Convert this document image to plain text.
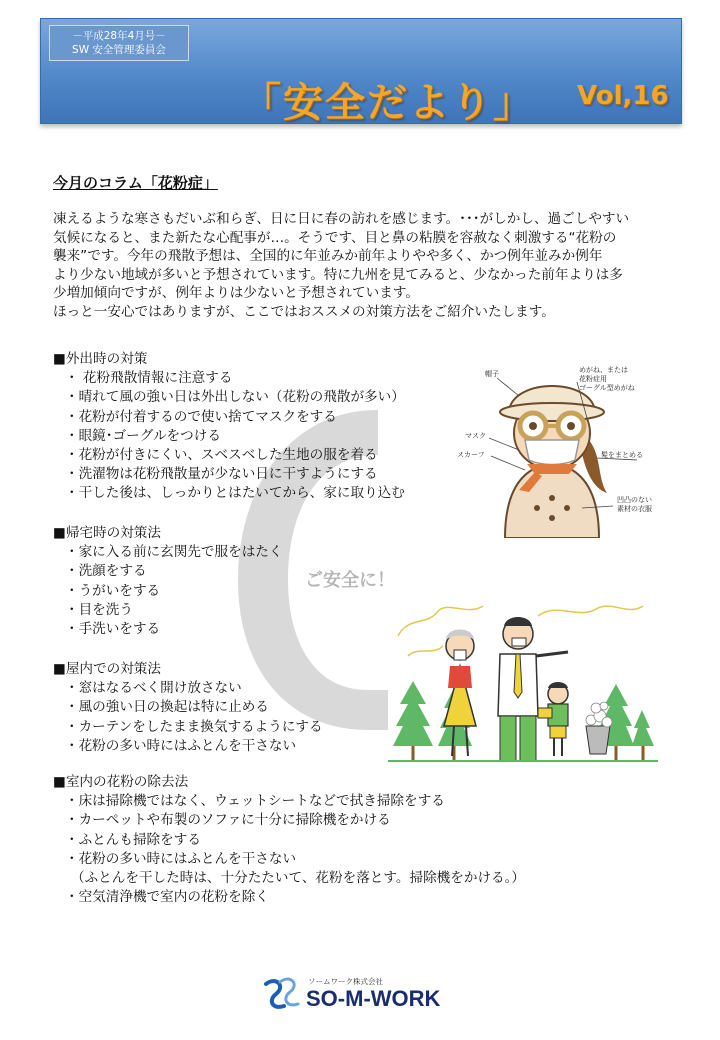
－平成28年4月号－
SW 安全管理委員会
「安全だより」 Vol,16
今月のコラム「花粉症」

凍えるような寒さもだいぶ和らぎ、日に日に春の訪れを感じます。･･･がしかし、過ごしやすい

気候になると、また新たな心配事が…。そうです、目と鼻の粘膜を容赦なく刺激する“花粉の

襲来”です。今年の飛散予想は、全国的に年並みか前年よりやや多く、かつ例年並みか例年

より少ない地域が多いと予想されています。特に九州を見てみると、少なかった前年よりは多

少増加傾向ですが、例年よりは少ないと予想されています。

ほっと一安心ではありますが、ここではおススメの対策方法をご紹介いたします。

ご安全に！
■外出時の対策
・ 花粉飛散情報に注意する
・晴れて風の強い日は外出しない（花粉の飛散が多い）
・花粉が付着するので使い捨てマスクをする
・眼鏡･ゴーグルをつける
・花粉が付きにくい、スベスベした生地の服を着る
・洗濯物は花粉飛散量が少ない日に干すようにする
・干した後は、しっかりとはたいてから、家に取り込む
■帰宅時の対策法
・家に入る前に玄関先で服をはたく
・洗顔をする
・うがいをする
・目を洗う
・手洗いをする
■屋内での対策法
・窓はなるべく開け放さない
・風の強い日の換起は特に止める
・カーテンをしたまま換気するようにする
・花粉の多い時にはふとんを干さない
■室内の花粉の除去法
・床は掃除機ではなく、ウェットシートなどで拭き掃除をする
・カーペットや布製のソファに十分に掃除機をかける
・ふとんも掃除をする
・花粉の多い時にはふとんを干さない
（ふとんを干した時は、十分たたいて、花粉を落とす。掃除機をかける。）
・空気清浄機で室内の花粉を除く
帽子	めがね、または
花粉症用
ゴーグル型めがね
マスク
スカーフ	髪をまとめる
凹凸のない
素材の衣服
ソームワーク株式会社
SO-M-WORK
